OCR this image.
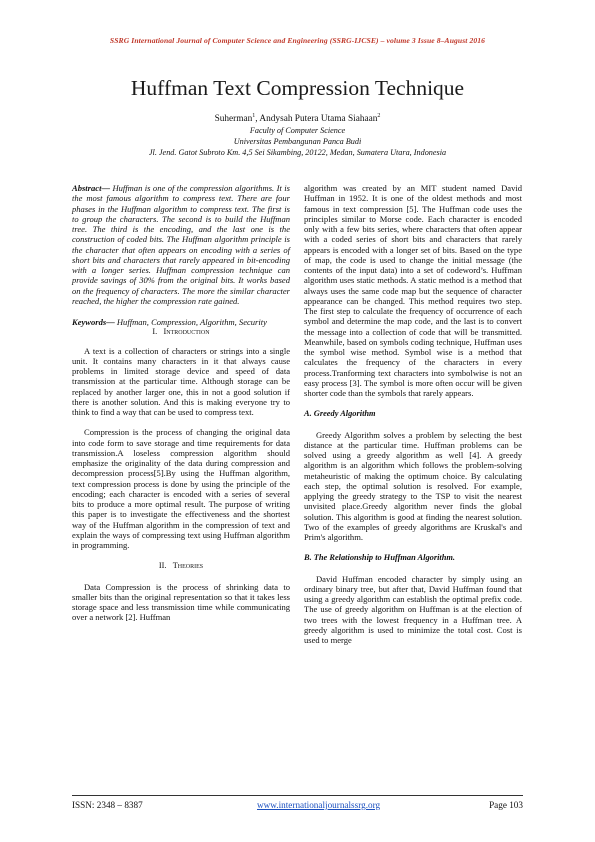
SSRG International Journal of Computer Science and Engineering (SSRG-IJCSE) – volume 3 Issue 8–August 2016
Huffman Text Compression Technique
Suherman$^1$, Andysah Putera Utama Siahaan$^2$
Faculty of Computer Science
Universitas Pembangunan Panca Budi
Jl. Jend. Gatot Subroto Km. 4,5 Sei Sikambing, 20122, Medan, Sumatera Utara, Indonesia

Abstract— Huffman is one of the compression algorithms. It is the most famous algorithm to compress text. There are four phases in the Huffman algorithm to compress text. The first is to group the characters. The second is to build the Huffman tree. The third is the encoding, and the last one is the construction of coded bits. The Huffman algorithm principle is the character that often appears on encoding with a series of short bits and characters that rarely appeared in bit-encoding with a longer series. Huffman compression technique can provide savings of 30% from the original bits. It works based on the frequency of characters. The more the similar character reached, the higher the compression rate gained.

Keywords— Huffman, Compression, Algorithm, Security

I. Introduction

A text is a collection of characters or strings into a single unit. It contains many characters in it that always cause problems in limited storage device and speed of data transmission at the particular time. Although storage can be replaced by another larger one, this in not a good solution if there is another solution. And this is making everyone try to think to find a way that can be used to compress text.

Compression is the process of changing the original data into code form to save storage and time requirements for data transmission.A loseless compression algorithm should emphasize the originality of the data during compression and decompression process[5].By using the Huffman algorithm, text compression process is done by using the principle of the encoding; each character is encoded with a series of several bits to produce a more optimal result. The purpose of writing this paper is to investigate the effectiveness and the shortest way of the Huffman algorithm in the compression of text and explain the ways of compressing text using Huffman algorithm in programming.

II. Theories

Data Compression is the process of shrinking data to smaller bits than the original representation so that it takes less storage space and less transmission time while communicating over a network [2]. Huffman

algorithm was created by an MIT student named David Huffman in 1952. It is one of the oldest methods and most famous in text compression [5]. The Huffman code uses the principles similar to Morse code. Each character is encoded only with a few bits series, where characters that often appear with a coded series of short bits and characters that rarely appears is encoded with a longer set of bits. Based on the type of map, the code is used to change the initial message (the contents of the input data) into a set of codeword’s. Huffman algorithm uses static methods. A static method is a method that always uses the same code map but the sequence of character appearance can be changed. This method requires two step. The first step to calculate the frequency of occurrence of each symbol and determine the map code, and the last is to convert the message into a collection of code that will be transmitted. Meanwhile, based on symbols coding technique, Huffman uses the symbol wise method. Symbol wise is a method that calculates the frequency of the characters in every process.Tranforming text characters into symbolwise is not an easy process [3]. The symbol is more often occur will be given shorter code than the symbols that rarely appears.

A. Greedy Algorithm

Greedy Algorithm solves a problem by selecting the best distance at the particular time. Huffman problems can be solved using a greedy algorithm as well [4]. A greedy algorithm is an algorithm which follows the problem-solving metaheuristic of making the optimum choice. By calculating each step, the optimal solution is resolved. For example, applying the greedy strategy to the TSP to visit the nearest unvisited place.Greedy algorithm never finds the global solution. This algorithm is good at finding the nearest solution. Two of the examples of greedy algorithms are Kruskal's and Prim's algorithm.

B. The Relationship to Huffman Algorithm.

David Huffman encoded character by simply using an ordinary binary tree, but after that, David Huffman found that using a greedy algorithm can establish the optimal prefix code. The use of greedy algorithm on Huffman is at the election of two trees with the lowest frequency in a Huffman tree. A greedy algorithm is used to minimize the total cost. Cost is used to merge

ISSN: 2348 – 8387	www.internationaljournalssrg.org	Page 103
